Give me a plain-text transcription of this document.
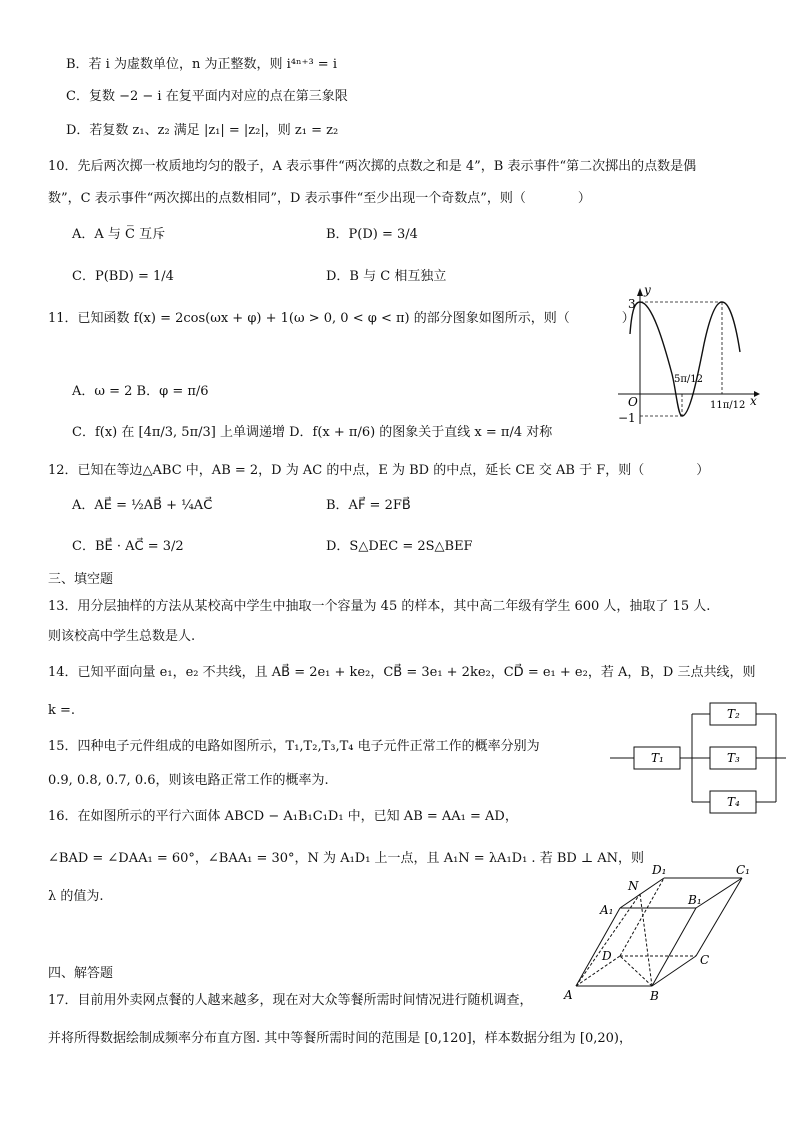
B．若 i 为虚数单位，n 为正整数，则 i⁴ⁿ⁺³ = i
C．复数 −2 − i 在复平面内对应的点在第三象限
D．若复数 z₁、z₂ 满足 |z₁| = |z₂|，则 z₁ = z₂
10．先后两次掷一枚质地均匀的骰子，A 表示事件“两次掷的点数之和是 4”，B 表示事件“第二次掷出的点数是偶
数”，C 表示事件“两次掷出的点数相同”，D 表示事件“至少出现一个奇数点”，则（　　　　）
A．A 与 C̅ 互斥	B．P(D) = 3/4
C．P(BD) = 1/4	D．B 与 C 相互独立
11．已知函数 f(x) = 2cos(ωx + φ) + 1(ω > 0, 0 < φ < π) 的部分图象如图所示，则（　　　　）
A．ω = 2 B．φ = π/6
C．f(x) 在 [4π/3, 5π/3] 上单调递增 D．f(x + π/6) 的图象关于直线 x = π/4 对称
y
x
O
3
−1
5π/12
11π/12
12．已知在等边△ABC 中，AB = 2，D 为 AC 的中点，E 为 BD 的中点，延长 CE 交 AB 于 F，则（　　　　）
A．AE⃗ = ½AB⃗ + ¼AC⃗	B．AF⃗ = 2FB⃗
C．BE⃗ · AC⃗ = 3/2	D．S△DEC = 2S△BEF
三、填空题
13．用分层抽样的方法从某校高中学生中抽取一个容量为 45 的样本，其中高二年级有学生 600 人，抽取了 15 人.
则该校高中学生总数是人.
14．已知平面向量 e₁，e₂ 不共线，且 AB⃗ = 2e₁ + ke₂，CB⃗ = 3e₁ + 2ke₂，CD⃗ = e₁ + e₂，若 A，B，D 三点共线，则
k =.
15．四种电子元件组成的电路如图所示，T₁,T₂,T₃,T₄ 电子元件正常工作的概率分别为
0.9, 0.8, 0.7, 0.6，则该电路正常工作的概率为.
T₁
T₂
T₃
T₄
16．在如图所示的平行六面体 ABCD − A₁B₁C₁D₁ 中，已知 AB = AA₁ = AD，
∠BAD = ∠DAA₁ = 60°，∠BAA₁ = 30°，N 为 A₁D₁ 上一点，且 A₁N = λA₁D₁ . 若 BD ⊥ AN，则
λ 的值为.
A	B
C
D
A₁
B₁
C₁
D₁
N
四、解答题
17．目前用外卖网点餐的人越来越多，现在对大众等餐所需时间情况进行随机调查，
并将所得数据绘制成频率分布直方图. 其中等餐所需时间的范围是 [0,120]，样本数据分组为 [0,20)，
